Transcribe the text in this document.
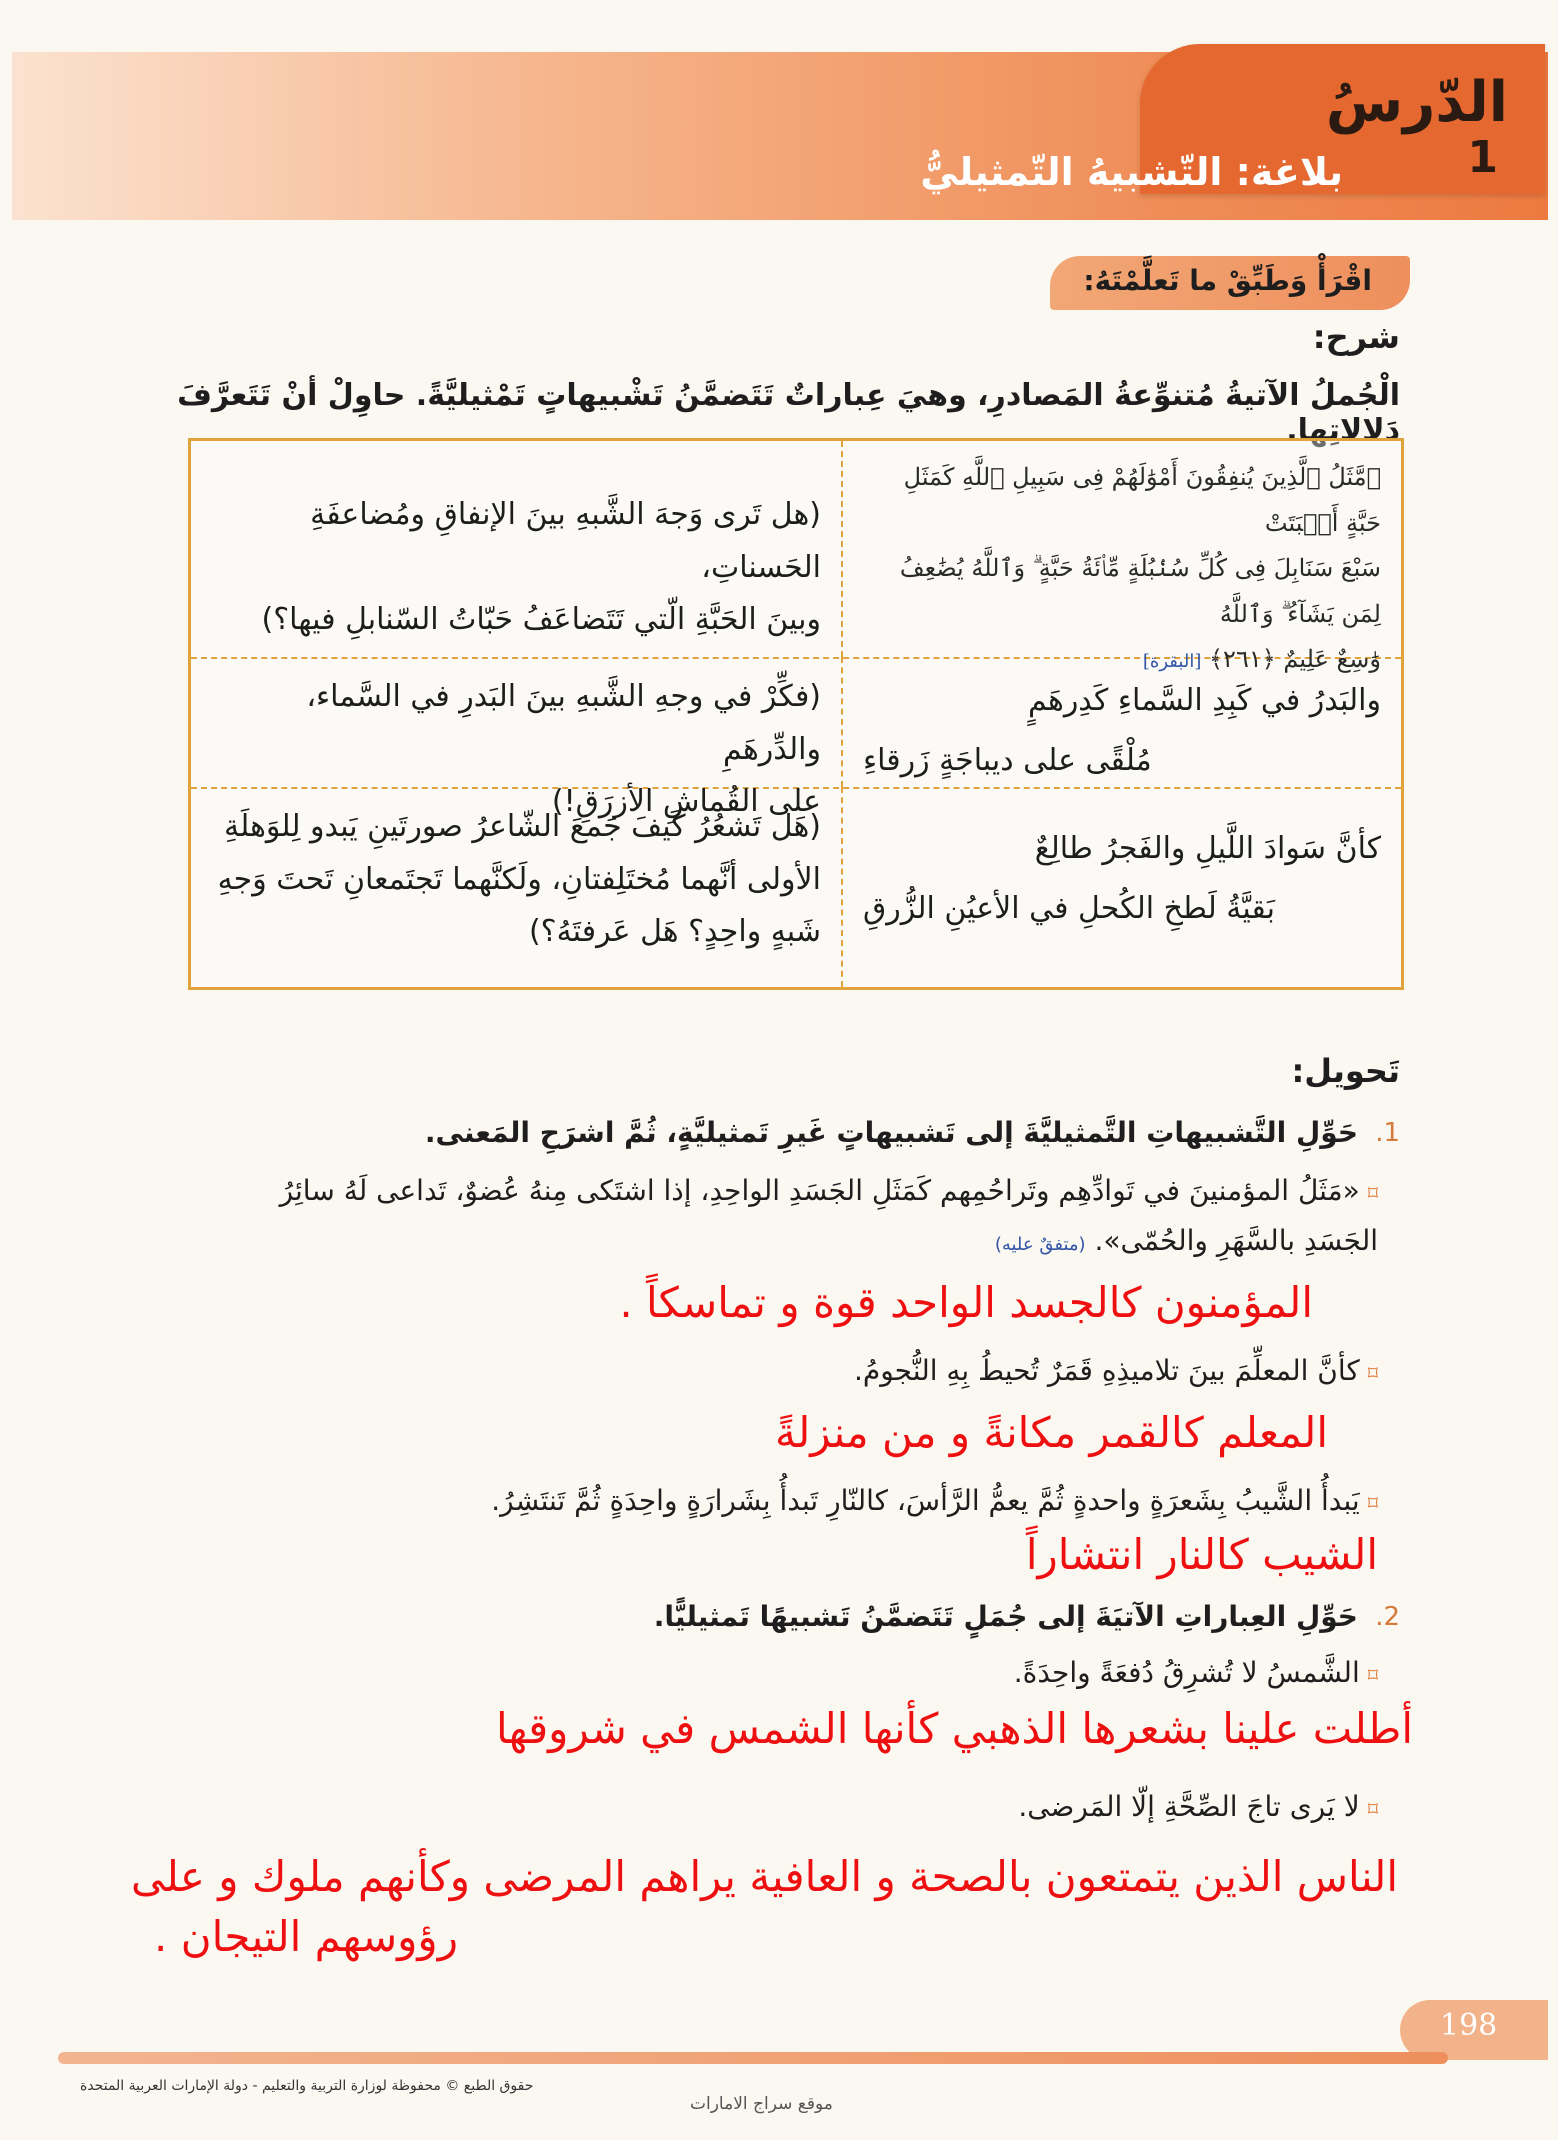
الدّرسُ
1
بلاغة: التّشبيهُ التّمثيليُّ
اقْرَأْ وَطَبِّقْ ما تَعلَّمْتَهُ:
شرح:
الْجُملُ الآتيةُ مُتنوِّعةُ المَصادرِ، وهيَ عِباراتٌ تَتَضمَّنُ تَشْبيهاتٍ تَمْثيليَّةً. حاوِلْ أنْ تَتَعرَّفَ دَلالاتِها.

﴿مَّثَلُ ٱلَّذِينَ يُنفِقُونَ أَمْوَٰلَهُمْ فِى سَبِيلِ ٱللَّهِ كَمَثَلِ حَبَّةٍ أَنۢبَتَتْ

سَبْعَ سَنَابِلَ فِى كُلِّ سُنۢبُلَةٍ مِّا۟ئَةُ حَبَّةٍ ۗ وَٱللَّهُ يُضَٰعِفُ لِمَن يَشَآءُ ۗ وَٱللَّهُ

وَٰسِعٌ عَلِيمٌ ﴿٢٦١﴾ [البقرة]

(هل تَرى وَجهَ الشَّبهِ بينَ الإنفاقِ ومُضاعفَةِ الحَسناتِ،

وبينَ الحَبَّةِ الّتي تَتَضاعَفُ حَبّاتُ السّنابلِ فيها؟)

والبَدرُ في كَبِدِ السَّماءِ كَدِرهَمٍ

مُلْقًى على ديباجَةٍ زَرقاءِ

(فكِّرْ في وجهِ الشَّبهِ بينَ البَدرِ في السَّماء، والدِّرهَمِ

على القُماشِ الأزرَقِ!)

كأنَّ سَوادَ اللَّيلِ والفَجرُ طالِعٌ

بَقيَّةُ لَطخِ الكُحلِ في الأعيُنِ الزُّرقِ

(هَل تَشعُرُ كَيفَ جَمعَ الشّاعرُ صورتَينِ يَبدو لِلوَهلَةِ

الأولى أنَّهما مُختَلِفتانِ، ولَكنَّهما تَجتَمعانِ تَحتَ وَجهِ

شَبهٍ واحِدٍ؟ هَل عَرفتَهُ؟)

تَحويل:
1.
حَوِّلِ التَّشبيهاتِ التَّمثيليَّةَ إلى تَشبيهاتٍ غَيرِ تَمثيليَّةٍ، ثُمَّ اشرَحِ المَعنى.
⌑«مَثَلُ المؤمنينَ في تَوادِّهِم وتَراحُمِهم كَمَثَلِ الجَسَدِ الواحِدِ، إذا اشتَكى مِنهُ عُضوٌ، تَداعى لَهُ سائِرُ
الجَسَدِ بالسَّهَرِ والحُمّى». (متفقٌ عليه)
المؤمنون كالجسد الواحد قوة و تماسكاً .
⌑كأنَّ المعلِّمَ بينَ تلاميذِهِ قَمَرٌ تُحيطُ بِهِ النُّجومُ.
المعلم كالقمر مكانةً و من منزلةً
⌑يَبدأُ الشَّيبُ بِشَعرَةٍ واحدةٍ ثُمَّ يعمُّ الرَّأسَ، كالنّارِ تَبدأُ بِشَرارَةٍ واحِدَةٍ ثُمَّ تَنتَشِرُ.
الشيب كالنار انتشاراً
2.
حَوِّلِ العِباراتِ الآتيَةَ إلى جُمَلٍ تَتَضمَّنُ تَشبيهًا تَمثيليًّا.
⌑الشَّمسُ لا تُشرِقُ دُفعَةً واحِدَةً.
أطلت علينا بشعرها الذهبي كأنها الشمس في شروقها
⌑لا يَرى تاجَ الصِّحَّةِ إلّا المَرضى.
الناس الذين يتمتعون بالصحة و العافية يراهم المرضى وكأنهم ملوك و على
رؤوسهم التيجان .
198
حقوق الطبع © محفوظة لوزارة التربية والتعليم - دولة الإمارات العربية المتحدة
موقع سراج الامارات
